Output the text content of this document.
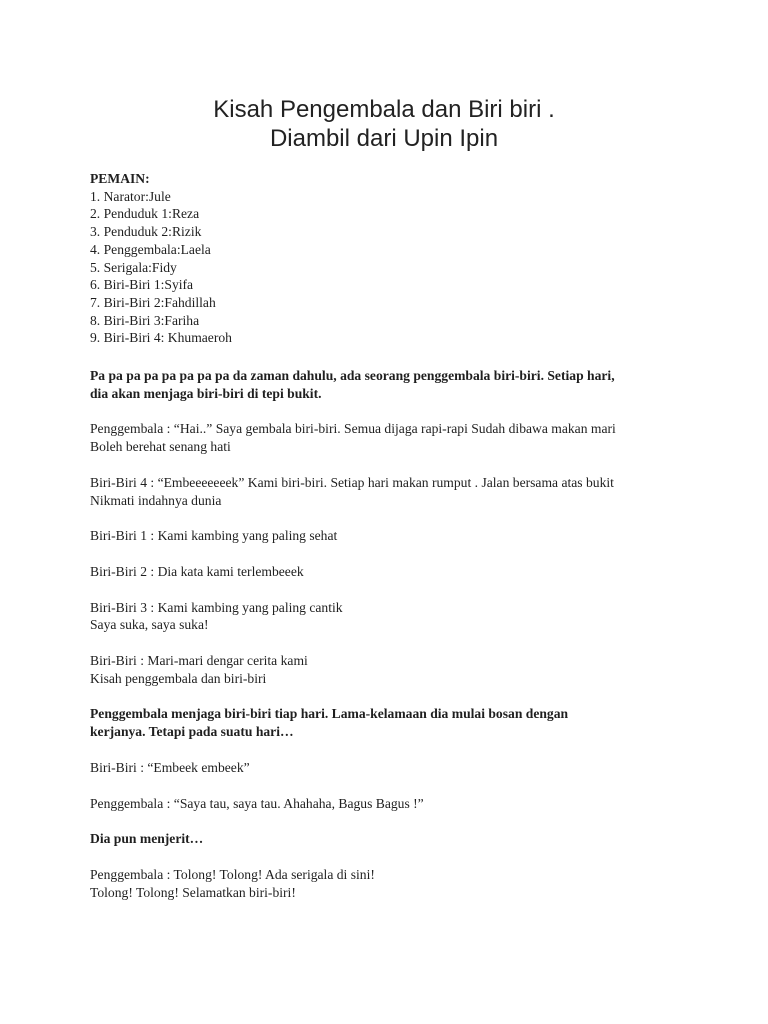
Kisah Pengembala dan Biri biri .
Diambil dari Upin Ipin
PEMAIN:
1. Narator:Jule
2. Penduduk 1:Reza
3. Penduduk 2:Rizik
4. Penggembala:Laela
5. Serigala:Fidy
6. Biri-Biri 1:Syifa
7. Biri-Biri 2:Fahdillah
8. Biri-Biri 3:Fariha
9. Biri-Biri 4: Khumaeroh
Pa pa pa pa pa pa pa pa da zaman dahulu, ada seorang penggembala biri-biri. Setiap hari,
dia akan menjaga biri-biri di tepi bukit.
Penggembala : “Hai..” Saya gembala biri-biri. Semua dijaga rapi-rapi Sudah dibawa makan mari
Boleh berehat senang hati
Biri-Biri 4 : “Embeeeeeeek” Kami biri-biri. Setiap hari makan rumput . Jalan bersama atas bukit
Nikmati indahnya dunia
Biri-Biri 1 : Kami kambing yang paling sehat
Biri-Biri 2 : Dia kata kami terlembeeek
Biri-Biri 3 : Kami kambing yang paling cantik
Saya suka, saya suka!
Biri-Biri : Mari-mari dengar cerita kami
Kisah penggembala dan biri-biri
Penggembala menjaga biri-biri tiap hari. Lama-kelamaan dia mulai bosan dengan
kerjanya. Tetapi pada suatu hari…
Biri-Biri : “Embeek embeek”
Penggembala : “Saya tau, saya tau. Ahahaha, Bagus Bagus !”
Dia pun menjerit…
Penggembala : Tolong! Tolong! Ada serigala di sini!
Tolong! Tolong! Selamatkan biri-biri!
